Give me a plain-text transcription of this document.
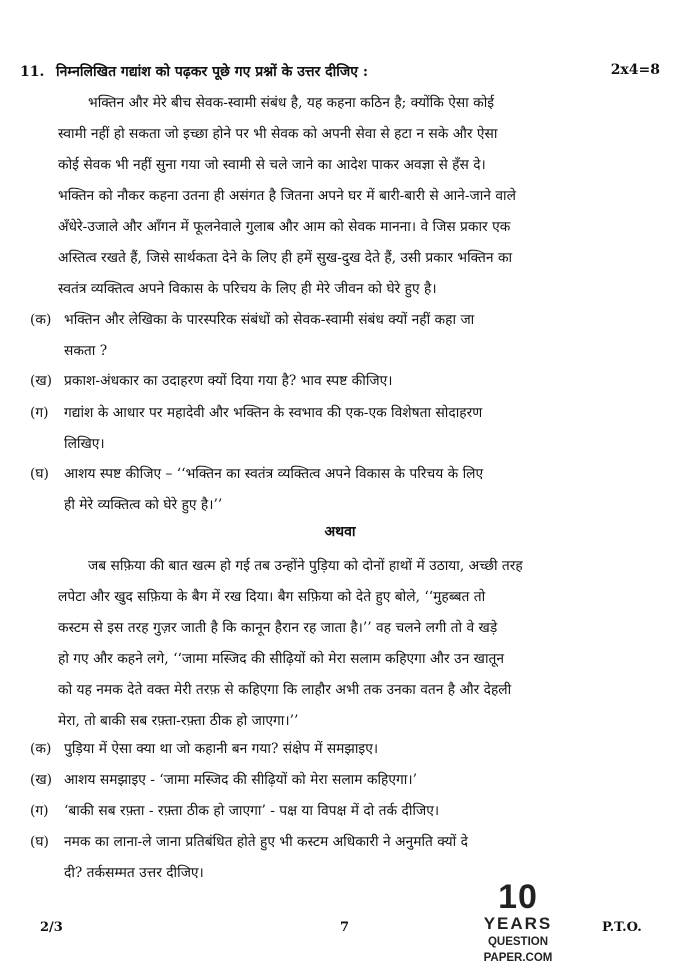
11. निम्नलिखित गद्यांश को पढ़कर पूछे गए प्रश्नों के उत्तर दीजिए :	2x4=8
भक्तिन और मेरे बीच सेवक-स्वामी संबंध है, यह कहना कठिन है; क्योंकि ऐसा कोई
स्वामी नहीं हो सकता जो इच्छा होने पर भी सेवक को अपनी सेवा से हटा न सके और ऐसा
कोई सेवक भी नहीं सुना गया जो स्वामी से चले जाने का आदेश पाकर अवज्ञा से हँस दे।
भक्तिन को नौकर कहना उतना ही असंगत है जितना अपने घर में बारी-बारी से आने-जाने वाले
अँधेरे-उजाले और आँगन में फूलनेवाले गुलाब और आम को सेवक मानना। वे जिस प्रकार एक
अस्तित्व रखते हैं, जिसे सार्थकता देने के लिए ही हमें सुख-दुख देते हैं, उसी प्रकार भक्तिन का
स्वतंत्र व्यक्तित्व अपने विकास के परिचय के लिए ही मेरे जीवन को घेरे हुए है।
(क) भक्तिन और लेखिका के पारस्परिक संबंधों को सेवक-स्वामी संबंध क्यों नहीं कहा जा
सकता ?
(ख) प्रकाश-अंधकार का उदाहरण क्यों दिया गया है? भाव स्पष्ट कीजिए।
(ग) गद्यांश के आधार पर महादेवी और भक्तिन के स्वभाव की एक-एक विशेषता सोदाहरण
लिखिए।
(घ) आशय स्पष्ट कीजिए – ‘‘भक्तिन का स्वतंत्र व्यक्तित्व अपने विकास के परिचय के लिए
ही मेरे व्यक्तित्व को घेरे हुए है।’’
अथवा
जब सफ़िया की बात खत्म हो गई तब उन्होंने पुड़िया को दोनों हाथों में उठाया, अच्छी तरह
लपेटा और खुद सफ़िया के बैग में रख दिया। बैग सफ़िया को देते हुए बोले, ‘‘मुहब्बत तो
कस्टम से इस तरह गुज़र जाती है कि कानून हैरान रह जाता है।’’ वह चलने लगी तो वे खड़े
हो गए और कहने लगे, ‘‘जामा मस्जिद की सीढ़ियों को मेरा सलाम कहिएगा और उन खातून
को यह नमक देते वक्त मेरी तरफ़ से कहिएगा कि लाहौर अभी तक उनका वतन है और देहली
मेरा, तो बाकी सब रफ़्ता-रफ़्ता ठीक हो जाएगा।’’
(क) पुड़िया में ऐसा क्या था जो कहानी बन गया? संक्षेप में समझाइए।
(ख) आशय समझाइए - ‘जामा मस्जिद की सीढ़ियों को मेरा सलाम कहिएगा।’
(ग) ‘बाकी सब रफ़्ता - रफ़्ता ठीक हो जाएगा’ - पक्ष या विपक्ष में दो तर्क दीजिए।
(घ) नमक का लाना-ले जाना प्रतिबंधित होते हुए भी कस्टम अधिकारी ने अनुमति क्यों दे
दी? तर्कसम्मत उत्तर दीजिए।
2/3	7	P.T.O.
10
YEARS
QUESTION PAPER.COM
